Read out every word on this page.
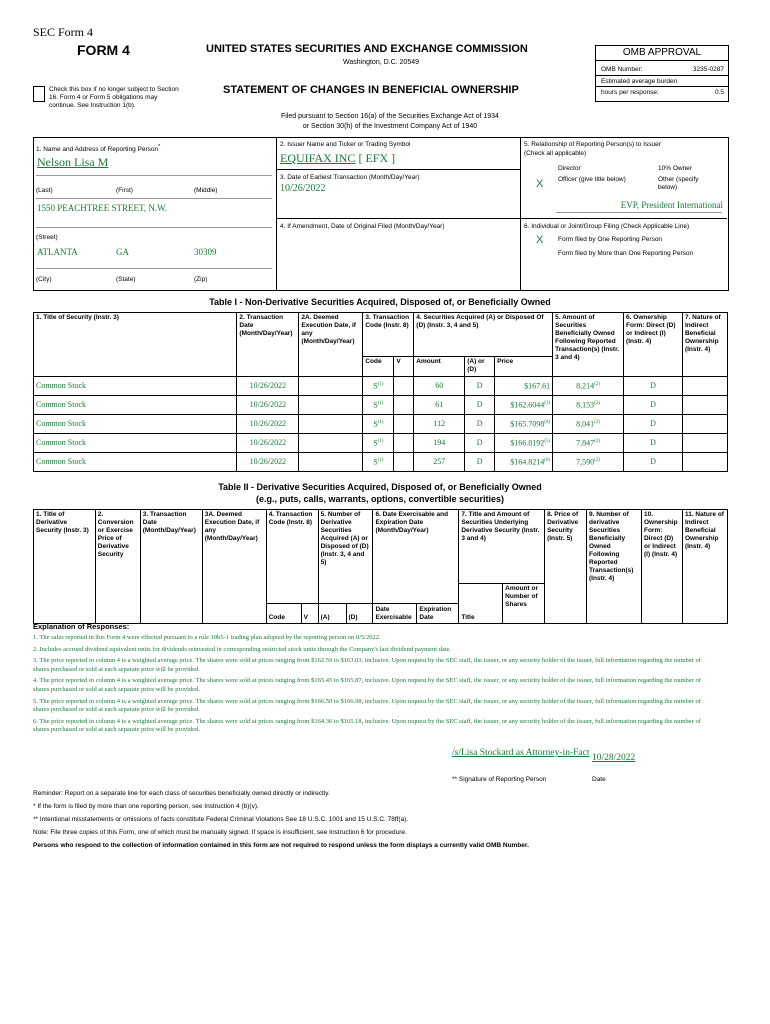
SEC Form 4
FORM 4	UNITED STATES SECURITIES AND EXCHANGE COMMISSION
Washington, D.C. 20549
Check this box if no longer subject to Section 16. Form 4 or Form 5 obligations may continue. See Instruction 1(b).
STATEMENT OF CHANGES IN BENEFICIAL OWNERSHIP
Filed pursuant to Section 16(a) of the Securities Exchange Act of 1934
or Section 30(h) of the Investment Company Act of 1940
OMB APPROVAL
OMB Number:	3235-0287
Estimated average burden
hours per response:	0.5
1. Name and Address of Reporting Person*
Nelson Lisa M
(Last)	(First)	(Middle)
1550 PEACHTREE STREET, N.W.
(Street)
ATLANTA	GA	30309
(City)	(State)	(Zip)
2. Issuer Name and Ticker or Trading Symbol
EQUIFAX INC [ EFX ]
3. Date of Earliest Transaction (Month/Day/Year)
10/26/2022
4. If Amendment, Date of Original Filed (Month/Day/Year)
5. Relationship of Reporting Person(s) to Issuer
(Check all applicable)
Director	10% Owner
X Officer (give title below)	Other (specify below)
EVP, President International
6. Individual or Joint/Group Filing (Check Applicable Line)
X Form filed by One Reporting Person
Form filed by More than One Reporting Person
Table I - Non-Derivative Securities Acquired, Disposed of, or Beneficially Owned
1. Title of Security (Instr. 3)	2. Transaction Date (Month/Day/Year)	2A. Deemed Execution Date, if any (Month/Day/Year)	3. Transaction Code (Instr. 8)		4. Securities Acquired (A) or Disposed Of (D) (Instr. 3, 4 and 5)			5. Amount of Securities Beneficially Owned Following Reported Transaction(s) (Instr. 3 and 4)	6. Ownership Form: Direct (D) or Indirect (I) (Instr. 4)	7. Nature of Indirect Beneficial Ownership (Instr. 4)
			Code	V	Amount	(A) or (D)	Price			
Common Stock	10/26/2022		$S^{(1)}$		60	D	$167.61	8,214$^{(2)}$	D	
Common Stock	10/26/2022		$S^{(1)}$		61	D	$162.6044$^{(3)}$	8,153$^{(2)}$	D	
Common Stock	10/26/2022		$S^{(1)}$		112	D	$165.7098$^{(4)}$	8,041$^{(2)}$	D	
Common Stock	10/26/2022		$S^{(1)}$		194	D	$166.8192$^{(5)}$	7,847$^{(2)}$	D	
Common Stock	10/26/2022		$S^{(1)}$		257	D	$164.8214$^{(6)}$	7,590$^{(2)}$	D	
Table II - Derivative Securities Acquired, Disposed of, or Beneficially Owned
(e.g., puts, calls, warrants, options, convertible securities)
1. Title of Derivative Security (Instr. 3)	2. Conversion or Exercise Price of Derivative Security	3. Transaction Date (Month/Day/Year)	3A. Deemed Execution Date, if any (Month/Day/Year)	4. Transaction Code (Instr. 8)		5. Number of Derivative Securities Acquired (A) or Disposed of (D) (Instr. 3, 4 and 5)		6. Date Exercisable and Expiration Date (Month/Day/Year)		7. Title and Amount of Securities Underlying Derivative Security (Instr. 3 and 4)		8. Price of Derivative Security (Instr. 5)	9. Number of derivative Securities Beneficially Owned Following Reported Transaction(s) (Instr. 4)	10. Ownership Form: Direct (D) or Indirect (I) (Instr. 4)	11. Nature of Indirect Beneficial Ownership (Instr. 4)
										Title	Amount or Number of Shares				
				Code	V	(A)	(D)	Date Exercisable	Expiration Date						
Explanation of Responses:
1. The sales reported in this Form 4 were effected pursuant to a rule 10b5-1 trading plan adopted by the reporting person on 8/5/2022.
2. Includes accrued dividend equivalent units for dividends reinvested in corresponding restricted stock units through the Company's last dividend payment date.
3. The price reported in column 4 is a weighted average price. The shares were sold at prices ranging from $162.59 to $163.03, inclusive. Upon request by the SEC staff, the issuer, or any security holder of the issuer, full information regarding the number of shares purchased or sold at each separate price will be provided.
4. The price reported in column 4 is a weighted average price. The shares were sold at prices ranging from $165.45 to $165.87, inclusive. Upon request by the SEC staff, the issuer, or any security holder of the issuer, full information regarding the number of shares purchased or sold at each separate price will be provided.
5. The price reported in column 4 is a weighted average price. The shares were sold at prices ranging from $166.50 to $166.98, inclusive. Upon request by the SEC staff, the issuer, or any security holder of the issuer, full information regarding the number of shares purchased or sold at each separate price will be provided.
6. The price reported in column 4 is a weighted average price. The shares were sold at prices ranging from $164.36 to $165.18, inclusive. Upon request by the SEC staff, the issuer, or any security holder of the issuer, full information regarding the number of shares purchased or sold at each separate price will be provided.
/s/Lisa Stockard as Attorney-in-Fact 10/28/2022
** Signature of Reporting Person	Date
Reminder: Report on a separate line for each class of securities beneficially owned directly or indirectly.
* If the form is filed by more than one reporting person, see Instruction 4 (b)(v).
** Intentional misstatements or omissions of facts constitute Federal Criminal Violations See 18 U.S.C. 1001 and 15 U.S.C. 78ff(a).
Note: File three copies of this Form, one of which must be manually signed. If space is insufficient, see Instruction 6 for procedure.
Persons who respond to the collection of information contained in this form are not required to respond unless the form displays a currently valid OMB Number.
